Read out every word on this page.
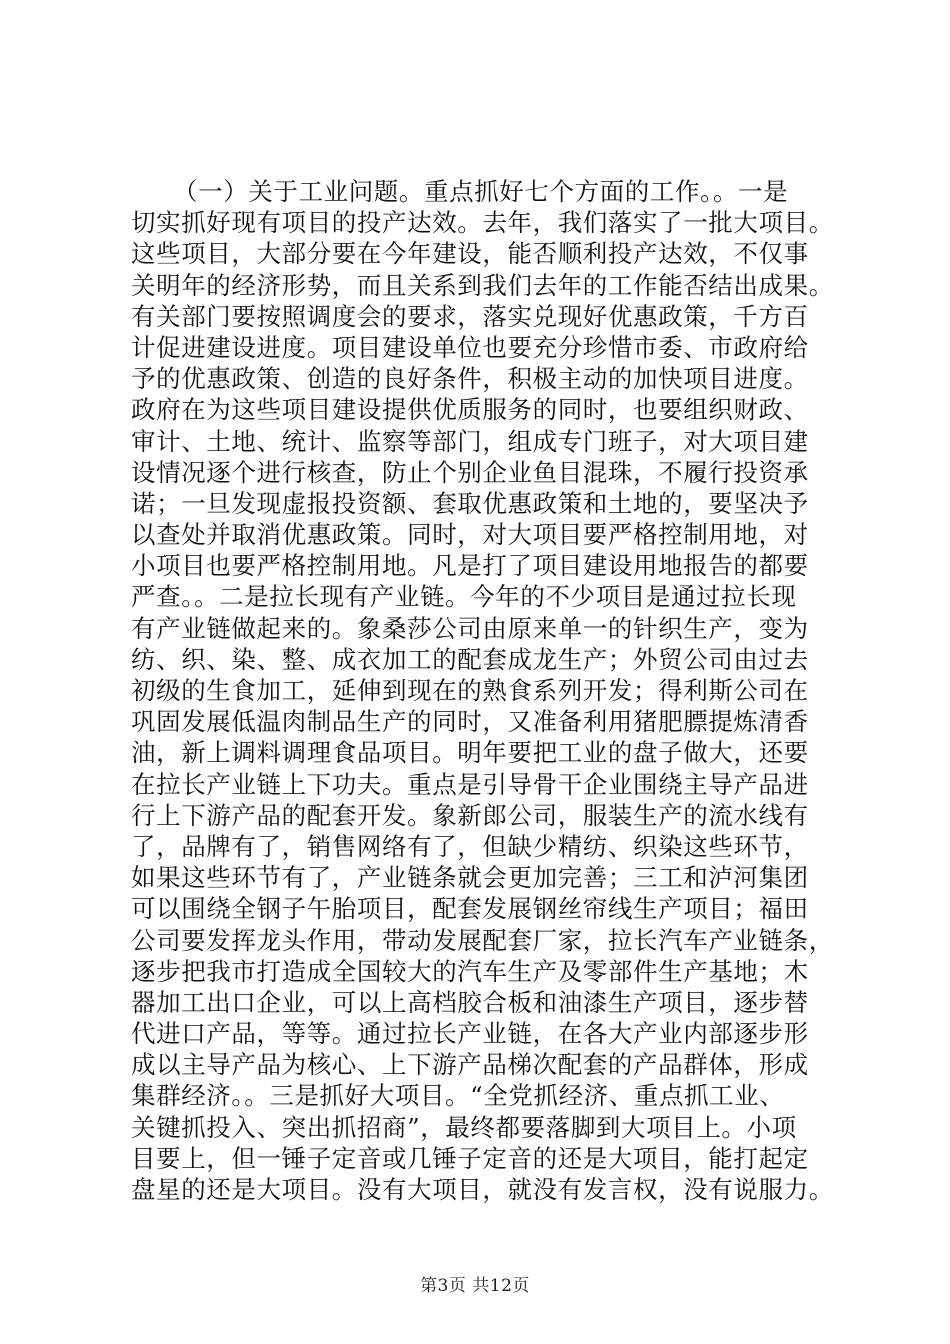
（一）关于工业问题。重点抓好七个方面的工作。。一是
切实抓好现有项目的投产达效。去年，我们落实了一批大项目。
这些项目，大部分要在今年建设，能否顺利投产达效，不仅事
关明年的经济形势，而且关系到我们去年的工作能否结出成果。
有关部门要按照调度会的要求，落实兑现好优惠政策，千方百
计促进建设进度。项目建设单位也要充分珍惜市委、市政府给
予的优惠政策、创造的良好条件，积极主动的加快项目进度。
政府在为这些项目建设提供优质服务的同时，也要组织财政、
审计、土地、统计、监察等部门，组成专门班子，对大项目建
设情况逐个进行核查，防止个别企业鱼目混珠，不履行投资承
诺；一旦发现虚报投资额、套取优惠政策和土地的，要坚决予
以查处并取消优惠政策。同时，对大项目要严格控制用地，对
小项目也要严格控制用地。凡是打了项目建设用地报告的都要
严查。。二是拉长现有产业链。今年的不少项目是通过拉长现
有产业链做起来的。象桑莎公司由原来单一的针织生产，变为
纺、织、染、整、成衣加工的配套成龙生产；外贸公司由过去
初级的生食加工，延伸到现在的熟食系列开发；得利斯公司在
巩固发展低温肉制品生产的同时，又准备利用猪肥膘提炼清香
油，新上调料调理食品项目。明年要把工业的盘子做大，还要
在拉长产业链上下功夫。重点是引导骨干企业围绕主导产品进
行上下游产品的配套开发。象新郎公司，服装生产的流水线有
了，品牌有了，销售网络有了，但缺少精纺、织染这些环节，
如果这些环节有了，产业链条就会更加完善；三工和泸河集团
可以围绕全钢子午胎项目，配套发展钢丝帘线生产项目；福田
公司要发挥龙头作用，带动发展配套厂家，拉长汽车产业链条，
逐步把我市打造成全国较大的汽车生产及零部件生产基地；木
器加工出口企业，可以上高档胶合板和油漆生产项目，逐步替
代进口产品，等等。通过拉长产业链，在各大产业内部逐步形
成以主导产品为核心、上下游产品梯次配套的产品群体，形成
集群经济。。三是抓好大项目。“全党抓经济、重点抓工业、
关键抓投入、突出抓招商”，最终都要落脚到大项目上。小项
目要上，但一锤子定音或几锤子定音的还是大项目，能打起定
盘星的还是大项目。没有大项目，就没有发言权，没有说服力。
第3页 共12页
